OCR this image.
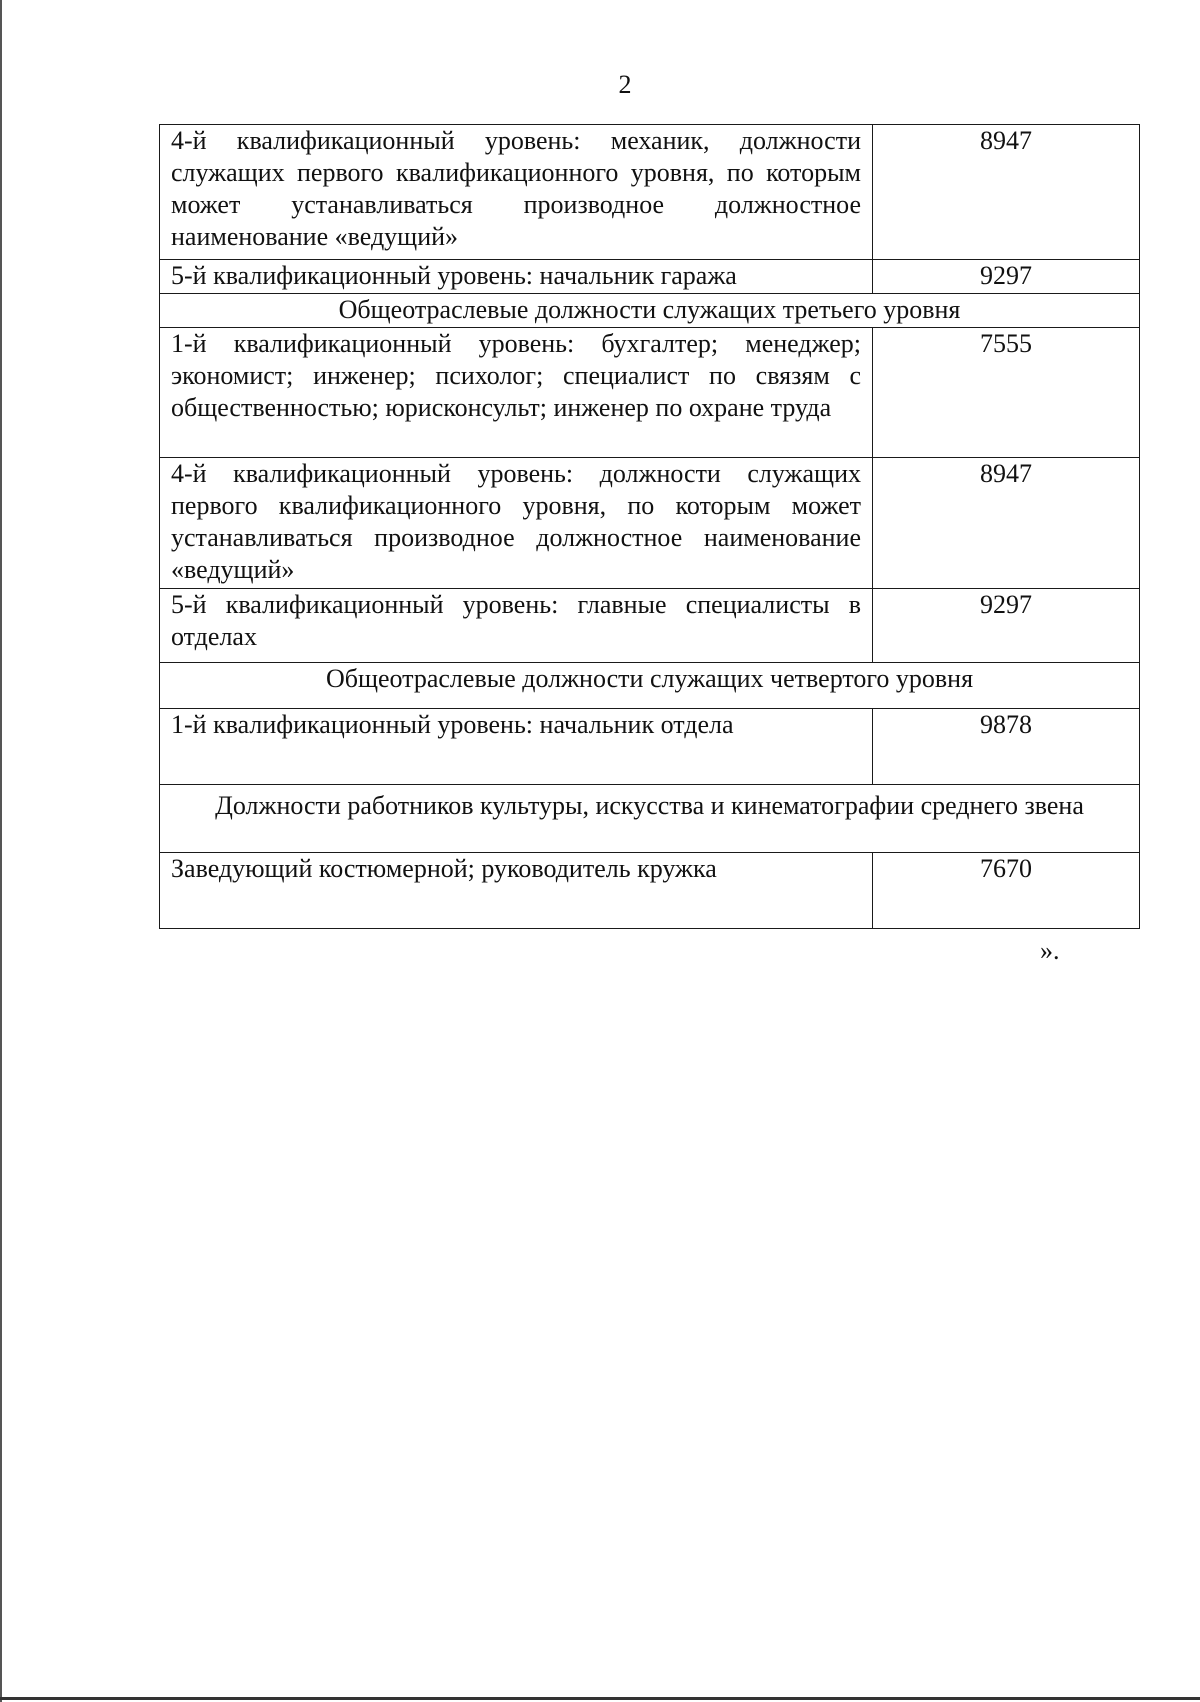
2
4-й квалификационный уровень: механик, должности служащих первого квалификационного уровня, по которым может устанавливаться производное должностное наименование «ведущий»	8947
5-й квалификационный уровень: начальник гаража	9297
Общеотраслевые должности служащих третьего уровня	
1-й квалификационный уровень: бухгалтер; менеджер; экономист; инженер; психолог; специалист по связям с общественностью; юрисконсульт; инженер по охране труда	7555
4-й квалификационный уровень: должности служащих первого квалификационного уровня, по которым может устанавливаться производное должностное наименование «ведущий»	8947
5-й квалификационный уровень: главные специалисты в отделах	9297
Общеотраслевые должности служащих четвертого уровня	
1-й квалификационный уровень: начальник отдела	9878
Должности работников культуры, искусства и кинематографии среднего звена	
Заведующий костюмерной; руководитель кружка	7670
».
